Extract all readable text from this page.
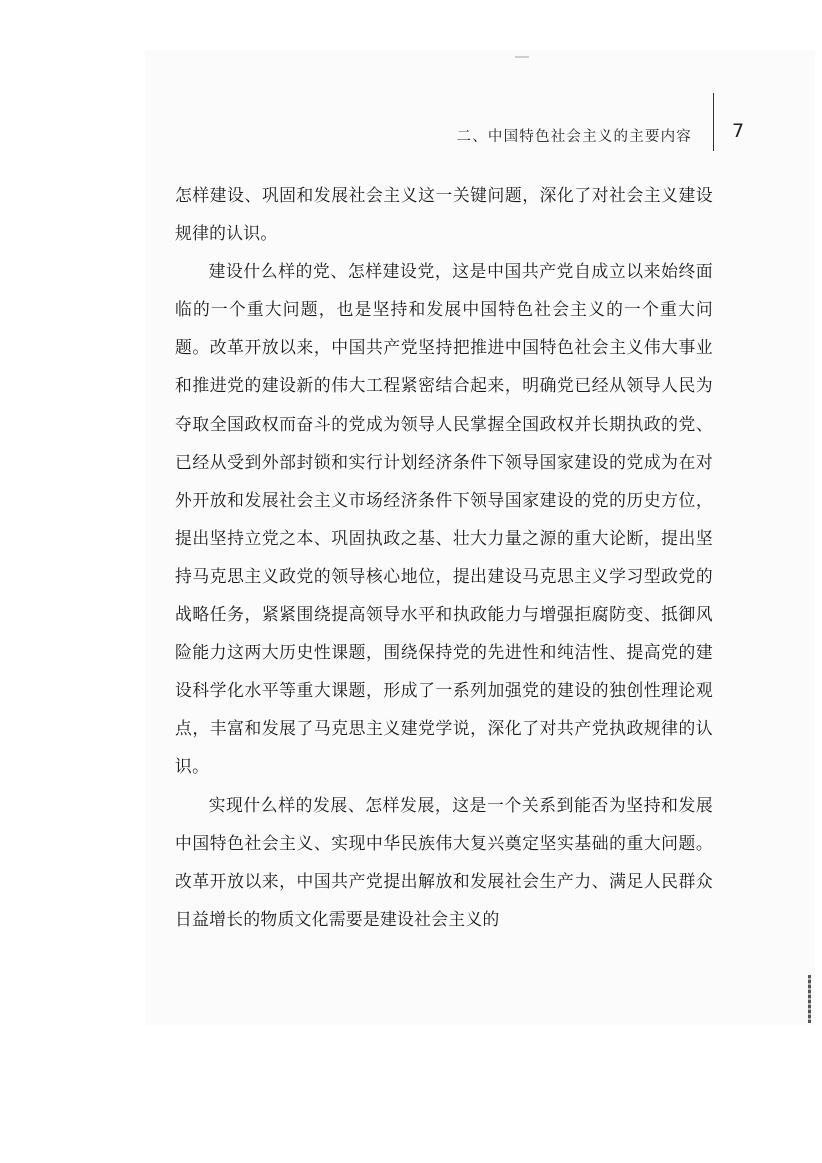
二、中国特色社会主义的主要内容 7

怎样建设、巩固和发展社会主义这一关键问题，深化了对社会主义建设规律的认识。

建设什么样的党、怎样建设党，这是中国共产党自成立以来始终面临的一个重大问题，也是坚持和发展中国特色社会主义的一个重大问题。改革开放以来，中国共产党坚持把推进中国特色社会主义伟大事业和推进党的建设新的伟大工程紧密结合起来，明确党已经从领导人民为夺取全国政权而奋斗的党成为领导人民掌握全国政权并长期执政的党、已经从受到外部封锁和实行计划经济条件下领导国家建设的党成为在对外开放和发展社会主义市场经济条件下领导国家建设的党的历史方位，提出坚持立党之本、巩固执政之基、壮大力量之源的重大论断，提出坚持马克思主义政党的领导核心地位，提出建设马克思主义学习型政党的战略任务，紧紧围绕提高领导水平和执政能力与增强拒腐防变、抵御风险能力这两大历史性课题，围绕保持党的先进性和纯洁性、提高党的建设科学化水平等重大课题，形成了一系列加强党的建设的独创性理论观点，丰富和发展了马克思主义建党学说，深化了对共产党执政规律的认识。

实现什么样的发展、怎样发展，这是一个关系到能否为坚持和发展中国特色社会主义、实现中华民族伟大复兴奠定坚实基础的重大问题。改革开放以来，中国共产党提出解放和发展社会生产力、满足人民群众日益增长的物质文化需要是建设社会主义的
